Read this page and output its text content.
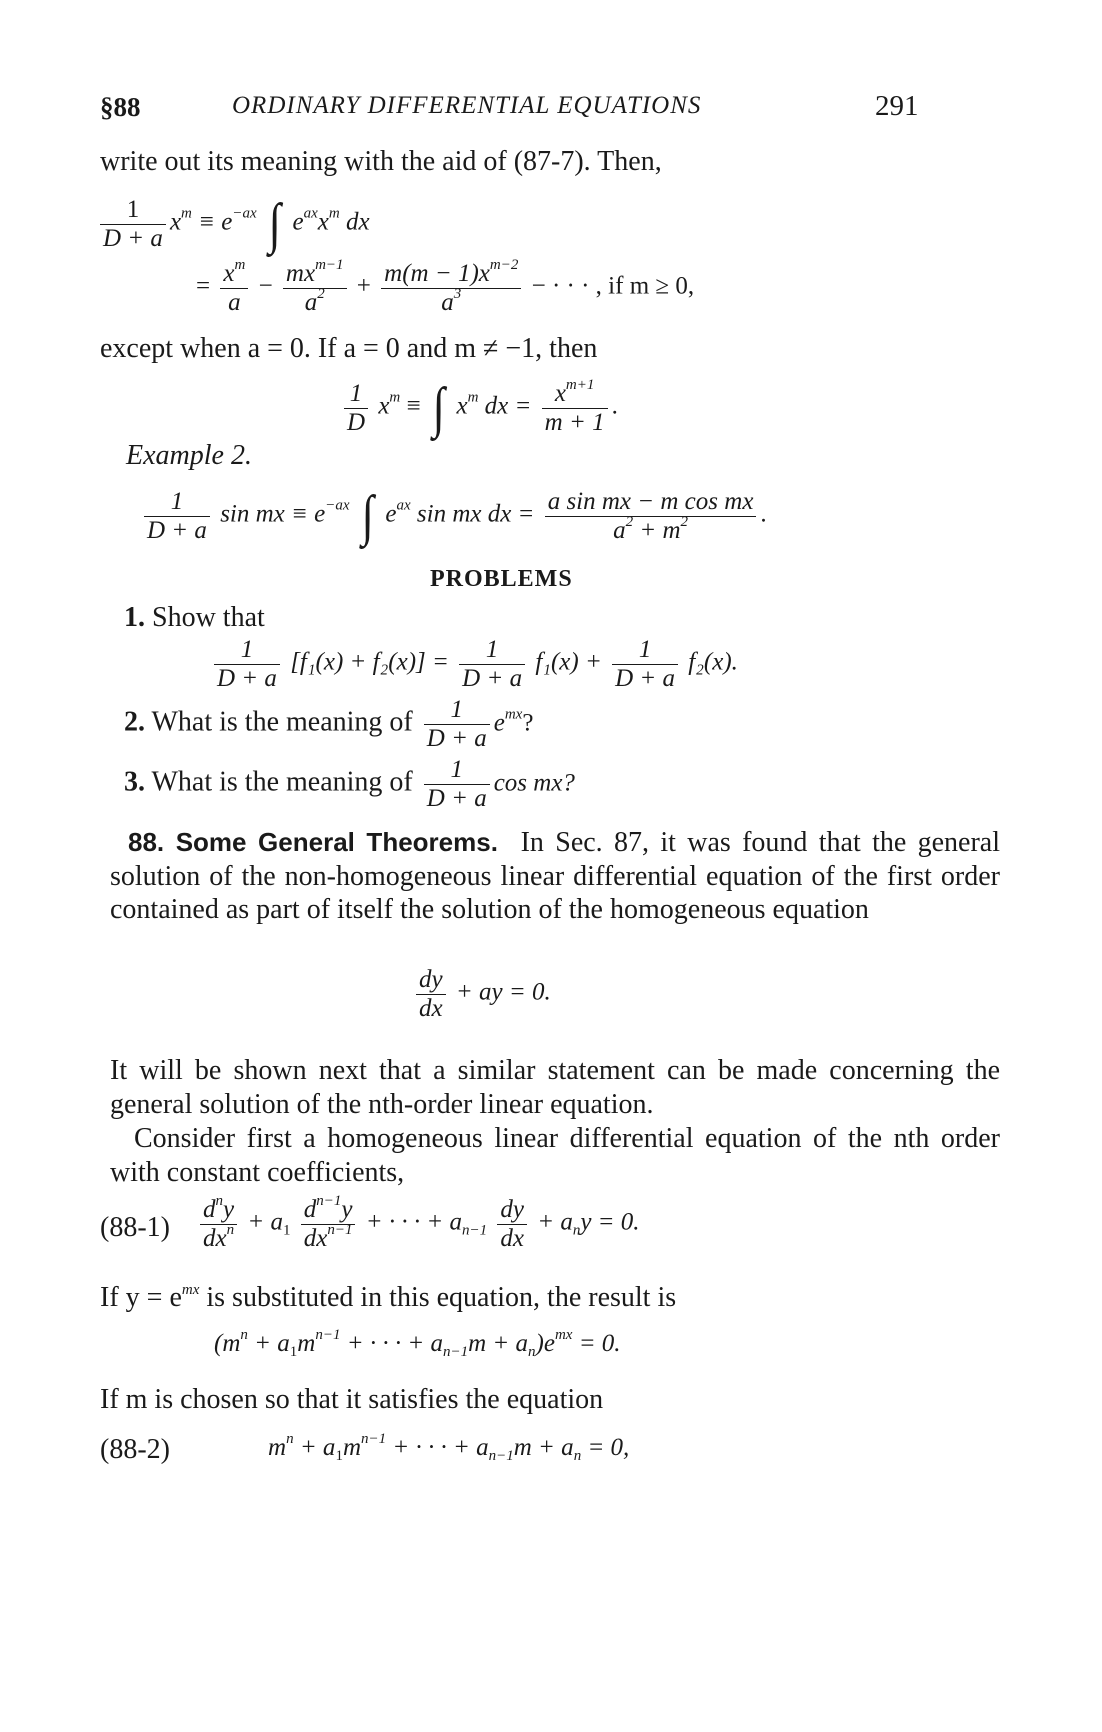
§88	ORDINARY DIFFERENTIAL EQUATIONS	291
write out its meaning with the aid of (87-7). Then,
$\frac{1}{D + a} x^m \equiv e^{-ax}$ ∫ $e^{ax}x^m$ dx
= $\frac{x^m}{a} - \frac{mx^{m-1}}{a^2} + \frac{m(m - 1)x^{m-2}}{a^3}$ − · · · , if m ≥ 0,
except when a = 0. If a = 0 and m ≠ −1, then
$\frac{1}{D} x^m$ ≡ ∫ $x^m$ dx = $\frac{x^{m+1}}{m + 1}$ .
Example 2.
$\frac{1}{D + a}$ sin mx ≡ $e^{-ax}$ ∫ $e^{ax}$ sin mx dx = $\frac{\text{a sin mx − m cos mx}}{a^2 + m^2}$ .
PROBLEMS
1. Show that
$\frac{1}{D + a} [f_1(x) + f_2(x)] = \frac{1}{D + a} f_1(x) + \frac{1}{D + a} f_2(x)$.
2. What is the meaning of $\frac{1}{D + a} e^{mx}$?
3. What is the meaning of $\frac{1}{D + a}$ cos mx?
88. Some General Theorems. In Sec. 87, it was found that the general solution of the non-homogeneous linear differential equation of the first order contained as part of itself the solution of the homogeneous equation
$\frac{dy}{dx}$ + ay = 0.
It will be shown next that a similar statement can be made concerning the general solution of the nth-order linear equation.
Consider first a homogeneous linear differential equation of the nth order with constant coefficients,
$(88-1) \frac{d^ny}{dx^n} + a_1 \frac{d^{n-1}y}{dx^{n-1}}$ + · · · + $a_{n-1} \frac{dy}{dx} + a_ny = 0$.
If $y = e^{mx}$ is substituted in this equation, the result is
($m^n + a_1m^{n-1}$ + · · · + $a_{n-1}m + a_n)e^{mx} = 0$.
If m is chosen so that it satisfies the equation
(88-2)	$m^n + a_1m^{n-1}$ + · · · + $a_{n-1}m + a_n = 0$,
